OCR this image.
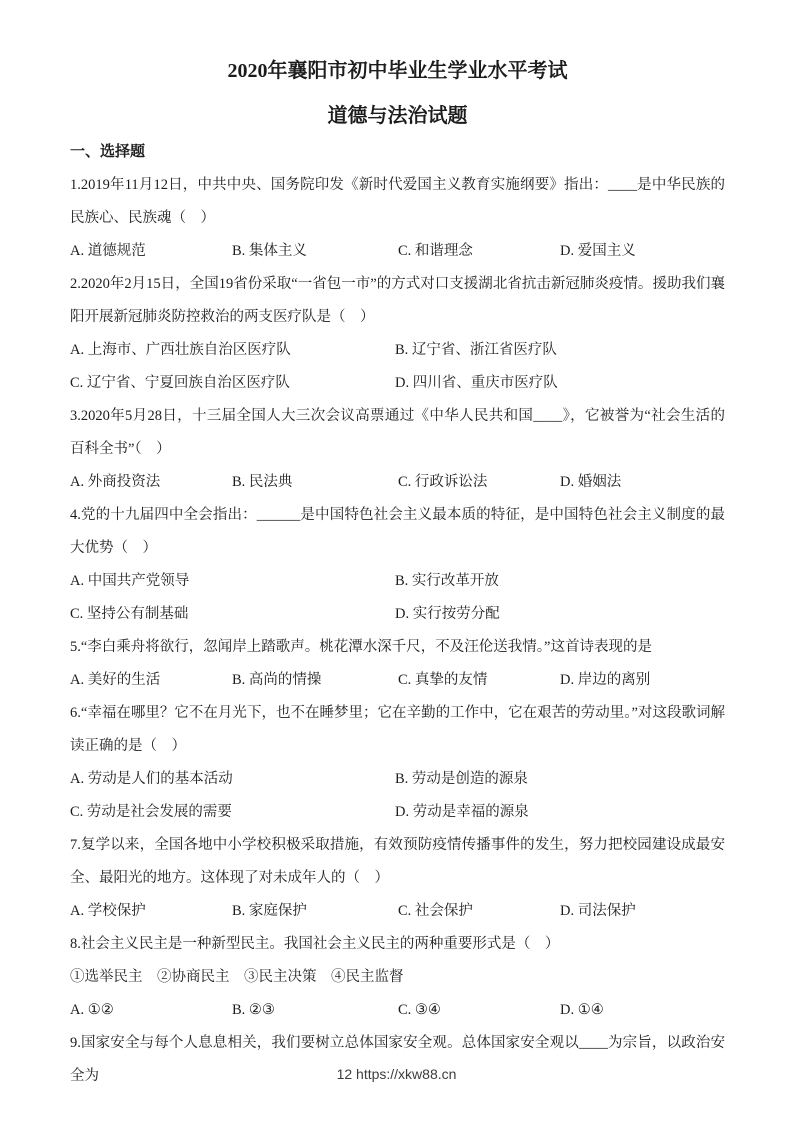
2020年襄阳市初中毕业生学业水平考试
道德与法治试题
一、选择题

1.2019年11月12日，中共中央、国务院印发《新时代爱国主义教育实施纲要》指出：____是中华民族的民族心、民族魂（　）

A. 道德规范	B. 集体主义	C. 和谐理念	D. 爱国主义

2.2020年2月15日，全国19省份采取“一省包一市”的方式对口支援湖北省抗击新冠肺炎疫情。援助我们襄阳开展新冠肺炎防控救治的两支医疗队是（　）

A. 上海市、广西壮族自治区医疗队	B. 辽宁省、浙江省医疗队
C. 辽宁省、宁夏回族自治区医疗队	D. 四川省、重庆市医疗队

3.2020年5月28日，十三届全国人大三次会议高票通过《中华人民共和国____》，它被誉为“社会生活的百科全书”（　）

A. 外商投资法	B. 民法典	C. 行政诉讼法	D. 婚姻法

4.党的十九届四中全会指出：______是中国特色社会主义最本质的特征，是中国特色社会主义制度的最大优势（　）

A. 中国共产党领导	B. 实行改革开放
C. 坚持公有制基础	D. 实行按劳分配

5.“李白乘舟将欲行，忽闻岸上踏歌声。桃花潭水深千尺，不及汪伦送我情。”这首诗表现的是

A. 美好的生活	B. 高尚的情操	C. 真挚的友情	D. 岸边的离别

6.“幸福在哪里？它不在月光下，也不在睡梦里；它在辛勤的工作中，它在艰苦的劳动里。”对这段歌词解读正确的是（　）

A. 劳动是人们的基本活动	B. 劳动是创造的源泉
C. 劳动是社会发展的需要	D. 劳动是幸福的源泉

7.复学以来，全国各地中小学校积极采取措施，有效预防疫情传播事件的发生，努力把校园建设成最安全、最阳光的地方。这体现了对未成年人的（　）

A. 学校保护	B. 家庭保护	C. 社会保护	D. 司法保护

8.社会主义民主是一种新型民主。我国社会主义民主的两种重要形式是（　）

①选举民主　②协商民主　③民主决策　④民主监督

A. ①②	B. ②③	C. ③④	D. ①④

9.国家安全与每个人息息相关，我们要树立总体国家安全观。总体国家安全观以____为宗旨，以政治安全为	12 https://xkw88.cn
